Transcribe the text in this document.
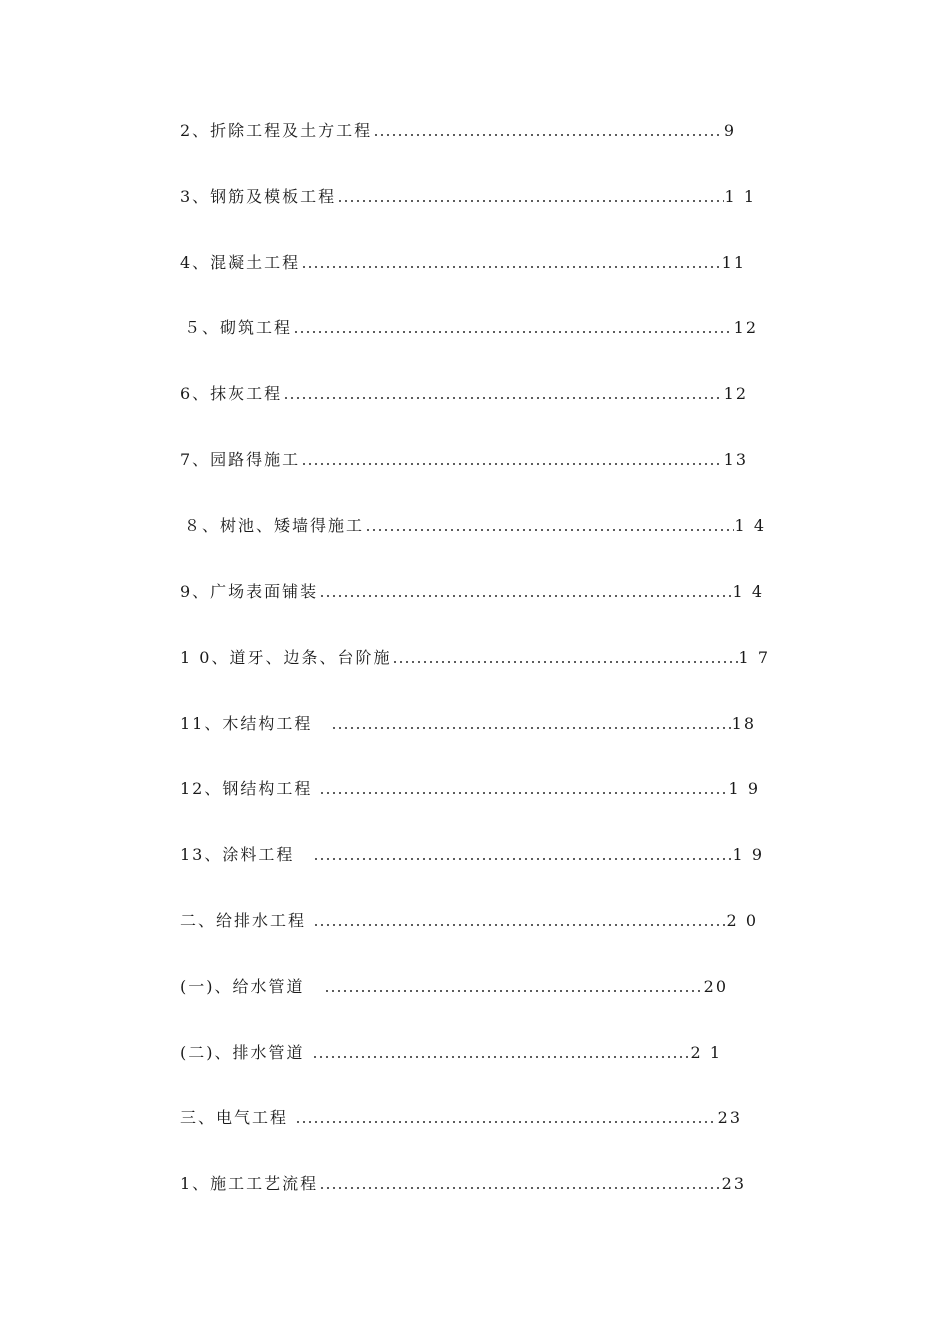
2、折除工程及土方工程	9
3、钢筋及模板工程	1 1
4、混凝土工程	11
５、砌筑工程	12
6、抹灰工程	12
7、园路得施工	13
８、树池、矮墙得施工	1 4
9、广场表面铺装	1 4
1 0、道牙、边条、台阶施	1 7
11、木结构工程	18
12、钢结构工程	1 9
13、涂料工程	1 9
二、给排水工程	2 0
(一)、给水管道	20
(二)、排水管道	2 1
三、电气工程	23
1、施工工艺流程	23
